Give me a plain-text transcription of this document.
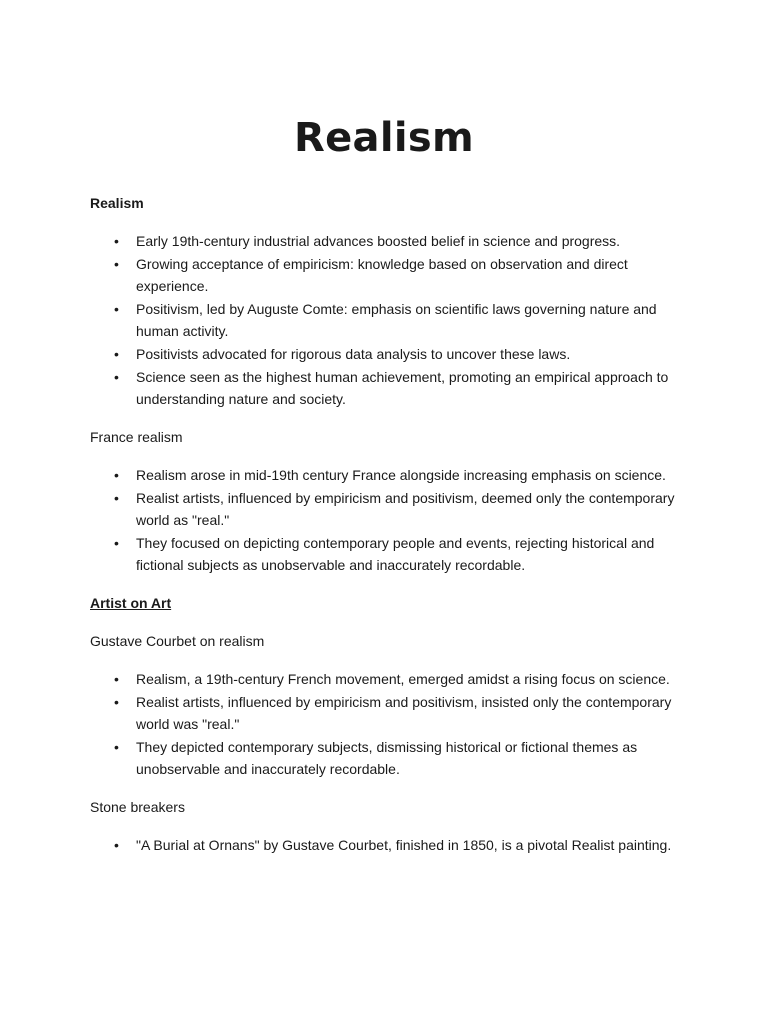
Realism
Realism
• Early 19th-century industrial advances boosted belief in science and progress.
• Growing acceptance of empiricism: knowledge based on observation and direct experience.
• Positivism, led by Auguste Comte: emphasis on scientific laws governing nature and human activity.
• Positivists advocated for rigorous data analysis to uncover these laws.
• Science seen as the highest human achievement, promoting an empirical approach to understanding nature and society.
France realism
• Realism arose in mid-19th century France alongside increasing emphasis on science.
• Realist artists, influenced by empiricism and positivism, deemed only the contemporary world as "real."
• They focused on depicting contemporary people and events, rejecting historical and fictional subjects as unobservable and inaccurately recordable.
Artist on Art
Gustave Courbet on realism
• Realism, a 19th-century French movement, emerged amidst a rising focus on science.
• Realist artists, influenced by empiricism and positivism, insisted only the contemporary world was "real."
• They depicted contemporary subjects, dismissing historical or fictional themes as unobservable and inaccurately recordable.
Stone breakers
• "A Burial at Ornans" by Gustave Courbet, finished in 1850, is a pivotal Realist painting.
